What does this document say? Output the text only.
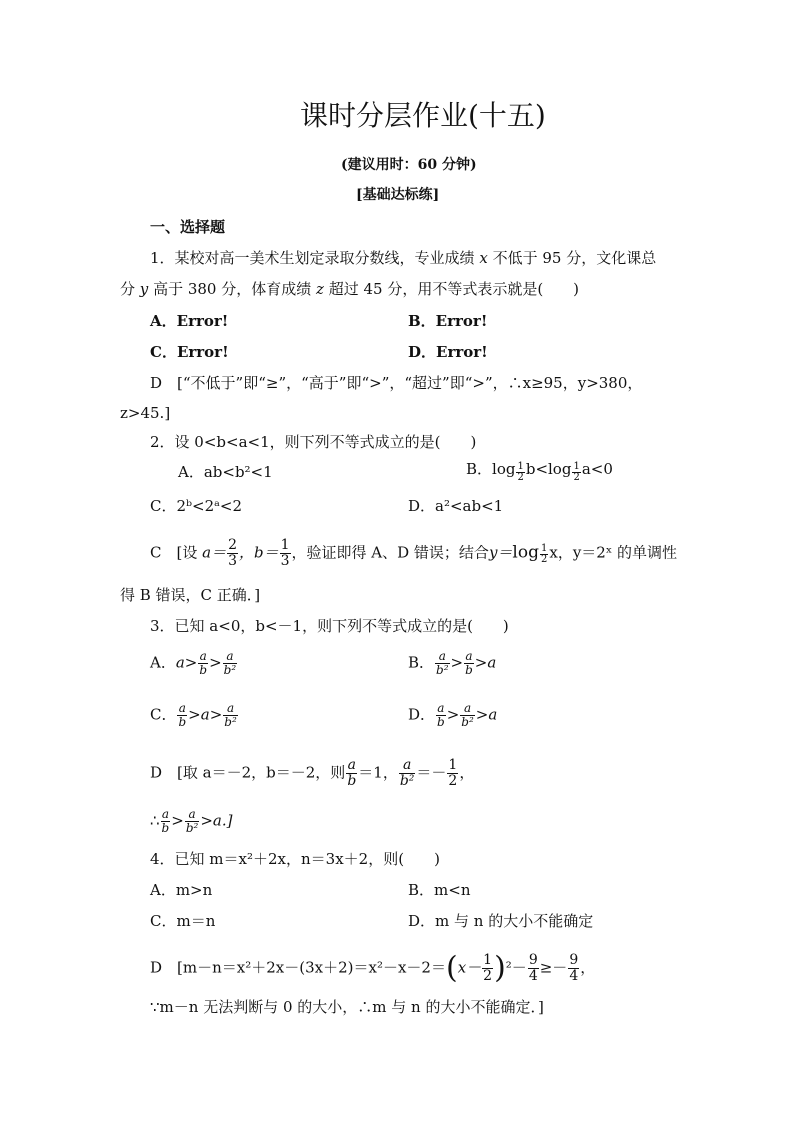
课时分层作业(十五)
(建议用时：60 分钟)
[基础达标练]
一、选择题
1．某校对高一美术生划定录取分数线，专业成绩 x 不低于 95 分，文化课总
分 y 高于 380 分，体育成绩 z 超过 45 分，用不等式表示就是(　　)
A．Error!	B．Error!
C．Error!	D．Error!
D　[“不低于”即“≥”，“高于”即“>”，“超过”即“>”，∴x≥95，y>380，
z>45.]
2．设 0<b<a<1，则下列不等式成立的是(　　)
A．ab<b²<1	B．$\log \frac{1}{2} b<\log \frac{1}{2} a<0$
C．2ᵇ<2ᵃ<2	D．a²<ab<1
C　[设 $a= \frac{2}{3}$ ，$b= \frac{1}{3}$ ，验证即得 A、D 错误；结合$y=\log \frac{1}{2}$ x，y＝2ˣ 的单调性
得 B 错误，C 正确．]
3．已知 a<0，b<－1，则下列不等式成立的是(　　)
A．$a> \frac{a}{b} > \frac{a}{\text{b²}}$	B． $\frac{a}{\text{b²}} > \frac{a}{b} >a$
C． $\frac{a}{b} >a> \frac{a}{\text{b²}}$	D． $\frac{a}{b} > \frac{a}{\text{b²}} >a$
D　[取 a＝－2，b＝－2，则 $\frac{a}{b} =1$， $\frac{a}{\text{b²}} =- \frac{1}{2}$ ，
∴ $\frac{a}{b} > \frac{a}{\text{b²}} >a$.]
4．已知 m＝x²＋2x，n＝3x＋2，则(　　)
A．m>n	B．m<n
C．m＝n	D．m 与 n 的大小不能确定
D　[$m-n=x^2+2x-(3x+2)=x^2-x-2=(x- \frac{1}{2} )^2- \frac{9}{4} \ge- \frac{9}{4}$ ，
∵m－n 无法判断与 0 的大小，∴m 与 n 的大小不能确定．]
